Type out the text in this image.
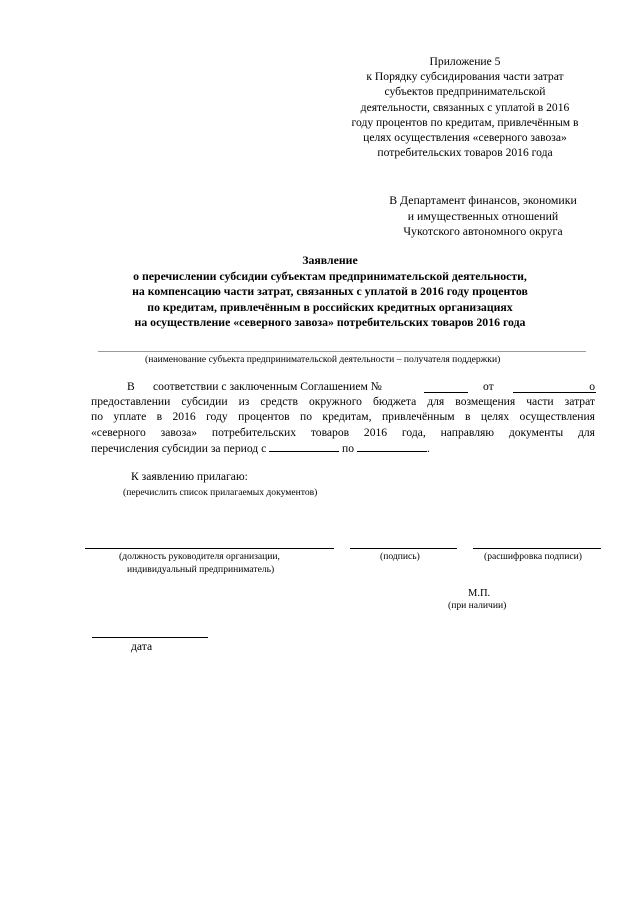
Приложение 5
к Порядку субсидирования части затрат
субъектов предпринимательской
деятельности, связанных с уплатой в 2016
году процентов по кредитам, привлечённым в
целях осуществления «северного завоза»
потребительских товаров 2016 года
В Департамент финансов, экономики
и имущественных отношений
Чукотского автономного округа
Заявление
о перечислении субсидии субъектам предпринимательской деятельности,
на компенсацию части затрат, связанных с уплатой в 2016 году процентов
по кредитам, привлечённым в российских кредитных организациях
на осуществление «северного завоза» потребительских товаров 2016 года
(наименование субъекта предпринимательской деятельности – получателя поддержки)
В соответствии с заключенным Соглашением №	от	о
предоставлении субсидии из средств окружного бюджета для возмещения части затрат
по уплате в 2016 году процентов по кредитам, привлечённым в целях осуществления
«северного завоза» потребительских товаров 2016 года, направляю документы для
перечисления субсидии за период с	по	.
К заявлению прилагаю:
(перечислить список прилагаемых документов)
(должность руководителя организации,
индивидуальный предприниматель)
(подпись)	(расшифровка подписи)
М.П.
(при наличии)
дата
